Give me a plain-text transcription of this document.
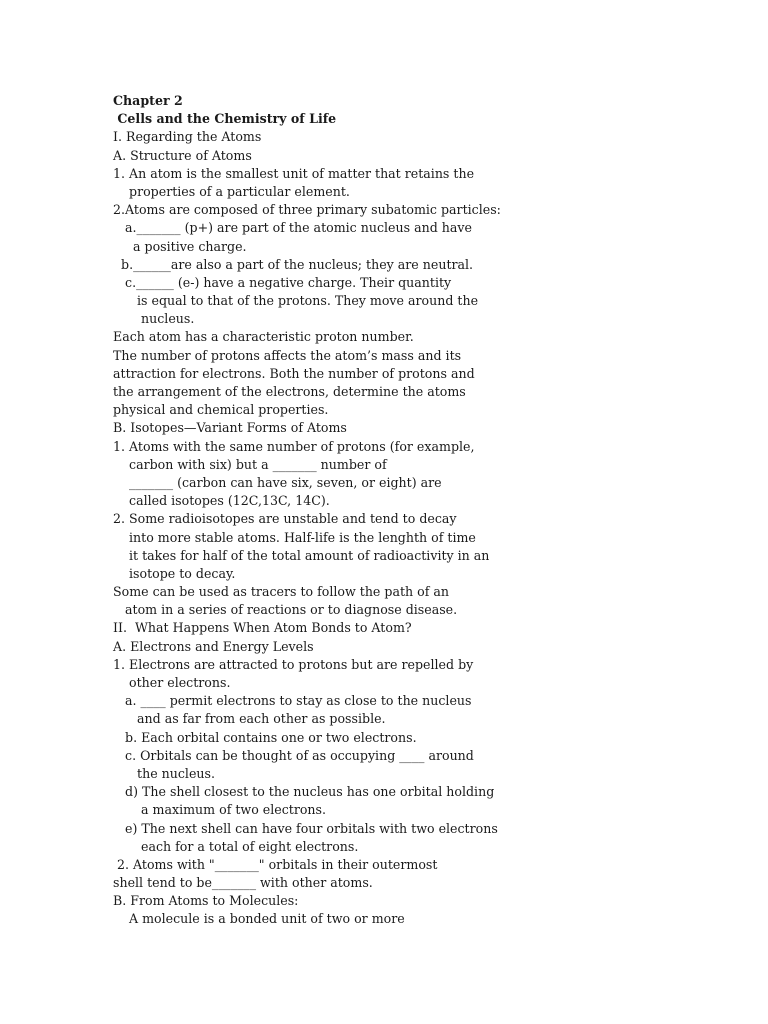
Chapter 2
Cells and the Chemistry of Life
I. Regarding the Atoms
A. Structure of Atoms
1. An atom is the smallest unit of matter that retains the
properties of a particular element.
2.Atoms are composed of three primary subatomic particles:
a._______ (p+) are part of the atomic nucleus and have
a positive charge.
b.______are also a part of the nucleus; they are neutral.
c.______ (e-) have a negative charge. Their quantity
is equal to that of the protons. They move around the
nucleus.
Each atom has a characteristic proton number.
The number of protons affects the atom’s mass and its
attraction for electrons. Both the number of protons and
the arrangement of the electrons, determine the atoms
physical and chemical properties.
B. Isotopes—Variant Forms of Atoms
1. Atoms with the same number of protons (for example,
carbon with six) but a _______ number of
_______ (carbon can have six, seven, or eight) are
called isotopes (12C,13C, 14C).
2. Some radioisotopes are unstable and tend to decay
into more stable atoms. Half-life is the lenghth of time
it takes for half of the total amount of radioactivity in an
isotope to decay.
Some can be used as tracers to follow the path of an
atom in a series of reactions or to diagnose disease.
II.  What Happens When Atom Bonds to Atom?
A. Electrons and Energy Levels
1. Electrons are attracted to protons but are repelled by
other electrons.
a. ____ permit electrons to stay as close to the nucleus
and as far from each other as possible.
b. Each orbital contains one or two electrons.
c. Orbitals can be thought of as occupying ____ around
the nucleus.
d) The shell closest to the nucleus has one orbital holding
a maximum of two electrons.
e) The next shell can have four orbitals with two electrons
each for a total of eight electrons.
2. Atoms with "_______" orbitals in their outermost
shell tend to be_______ with other atoms.
B. From Atoms to Molecules:
A molecule is a bonded unit of two or more
